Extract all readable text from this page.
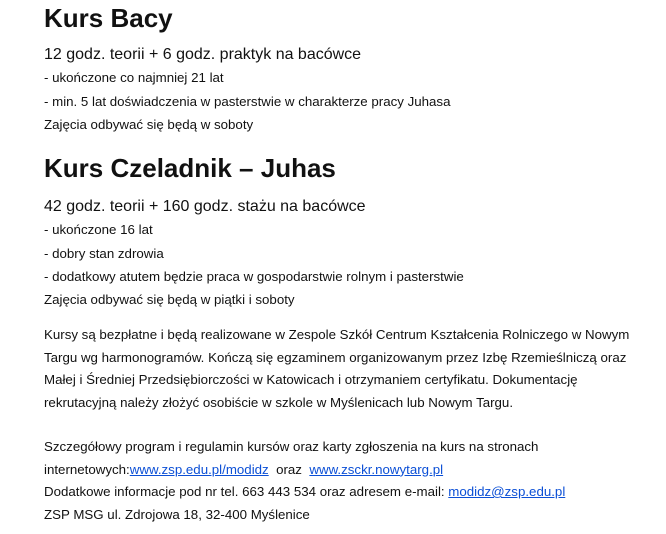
Kurs Bacy
12 godz. teorii + 6 godz. praktyk na bacówce
- ukończone co najmniej 21 lat
- min. 5 lat doświadczenia w pasterstwie w charakterze pracy Juhasa
Zajęcia odbywać się będą w soboty
Kurs Czeladnik – Juhas
42 godz. teorii + 160 godz. stażu na bacówce
- ukończone 16 lat
- dobry stan zdrowia
- dodatkowy atutem będzie praca w gospodarstwie rolnym i pasterstwie
Zajęcia odbywać się będą w piątki i soboty
Kursy są bezpłatne i będą realizowane w Zespole Szkół Centrum Kształcenia Rolniczego w Nowym Targu wg harmonogramów. Kończą się egzaminem organizowanym przez Izbę Rzemieślniczą oraz Małej i Średniej Przedsiębiorczości w Katowicach i otrzymaniem certyfikatu. Dokumentację rekrutacyjną należy złożyć osobiście w szkole w Myślenicach lub Nowym Targu.
Szczegółowy program i regulamin kursów oraz karty zgłoszenia na kurs na stronach internetowych:www.zsp.edu.pl/modidz  oraz  www.zsckr.nowytarg.pl
Dodatkowe informacje pod nr tel. 663 443 534 oraz adresem e-mail: modidz@zsp.edu.pl
ZSP MSG ul. Zdrojowa 18, 32-400 Myślenice
